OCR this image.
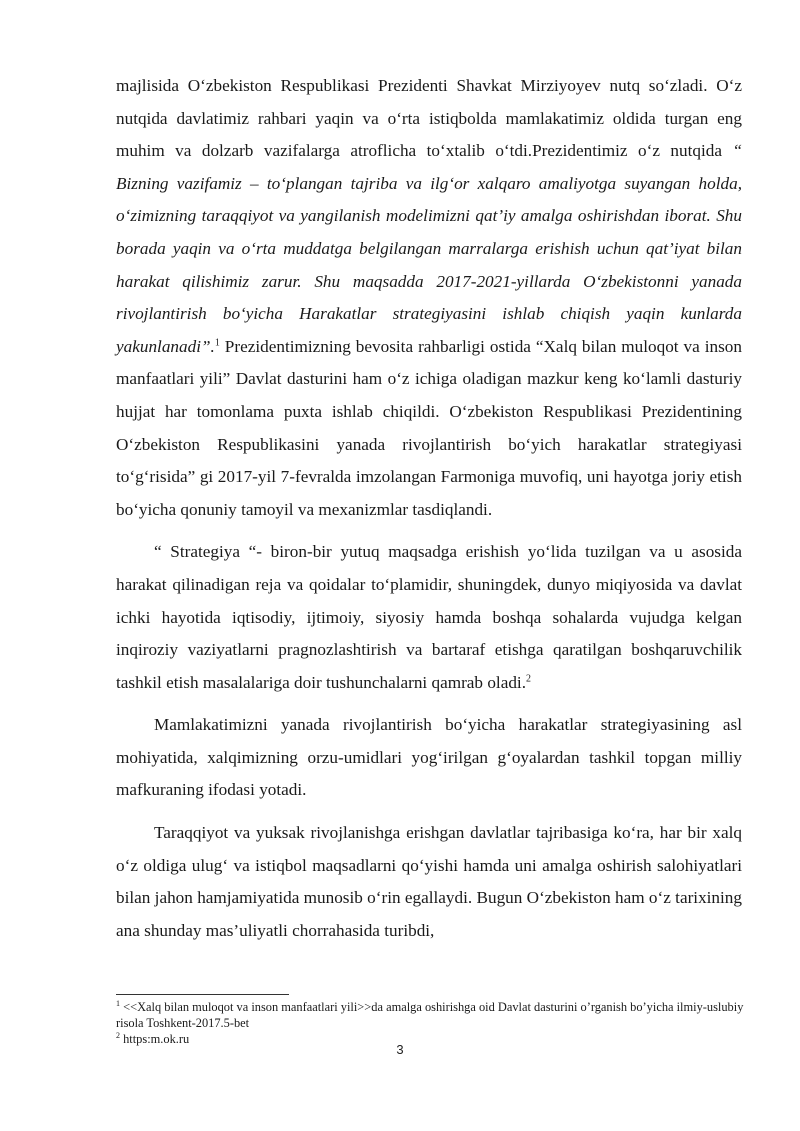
majlisida O‘zbekiston Respublikasi Prezidenti Shavkat Mirziyoyev nutq so‘zladi. O‘z nutqida davlatimiz rahbari yaqin va o‘rta istiqbolda mamlakatimiz oldida turgan eng muhim va dolzarb vazifalarga atroflicha to‘xtalib o‘tdi.Prezidentimiz o‘z nutqida “ Bizning vazifamiz – to‘plangan tajriba va ilg‘or xalqaro amaliyotga suyangan holda, o‘zimizning taraqqiyot va yangilanish modelimizni qat’iy amalga oshirishdan iborat. Shu borada yaqin va o‘rta muddatga belgilangan marralarga erishish uchun qat’iyat bilan harakat qilishimiz zarur. Shu maqsadda 2017-2021-yillarda O‘zbekistonni yanada rivojlantirish bo‘yicha Harakatlar strategiyasini ishlab chiqish yaqin kunlarda yakunlanadi”.$^1$ Prezidentimizning bevosita rahbarligi ostida “Xalq bilan muloqot va inson manfaatlari yili” Davlat dasturini ham o‘z ichiga oladigan mazkur keng ko‘lamli dasturiy hujjat har tomonlama puxta ishlab chiqildi. O‘zbekiston Respublikasi Prezidentining O‘zbekiston Respublikasini yanada rivojlantirish bo‘yich harakatlar strategiyasi to‘g‘risida” gi 2017-yil 7-fevralda imzolangan Farmoniga muvofiq, uni hayotga joriy etish bo‘yicha qonuniy tamoyil va mexanizmlar tasdiqlandi.

“ Strategiya “- biron-bir yutuq maqsadga erishish yo‘lida tuzilgan va u asosida harakat qilinadigan reja va qoidalar to‘plamidir, shuningdek, dunyo miqiyosida va davlat ichki hayotida iqtisodiy, ijtimoiy, siyosiy hamda boshqa sohalarda vujudga kelgan inqiroziy vaziyatlarni pragnozlashtirish va bartaraf etishga qaratilgan boshqaruvchilik tashkil etish masalalariga doir tushunchalarni qamrab oladi.$^2$

Mamlakatimizni yanada rivojlantirish bo‘yicha harakatlar strategiyasining asl mohiyatida, xalqimizning orzu-umidlari yog‘irilgan g‘oyalardan tashkil topgan milliy mafkuraning ifodasi yotadi.

Taraqqiyot va yuksak rivojlanishga erishgan davlatlar tajribasiga ko‘ra, har bir xalq o‘z oldiga ulug‘ va istiqbol maqsadlarni qo‘yishi hamda uni amalga oshirish salohiyatlari bilan jahon hamjamiyatida munosib o‘rin egallaydi. Bugun O‘zbekiston ham o‘z tarixining ana shunday mas’uliyatli chorrahasida turibdi,

$^1$ <<Xalq bilan muloqot va inson manfaatlari yili>>da amalga oshirishga oid Davlat dasturini o’rganish bo’yicha ilmiy-uslubiy risola Toshkent-2017.5-bet

$^2$ https:m.ok.ru

3
